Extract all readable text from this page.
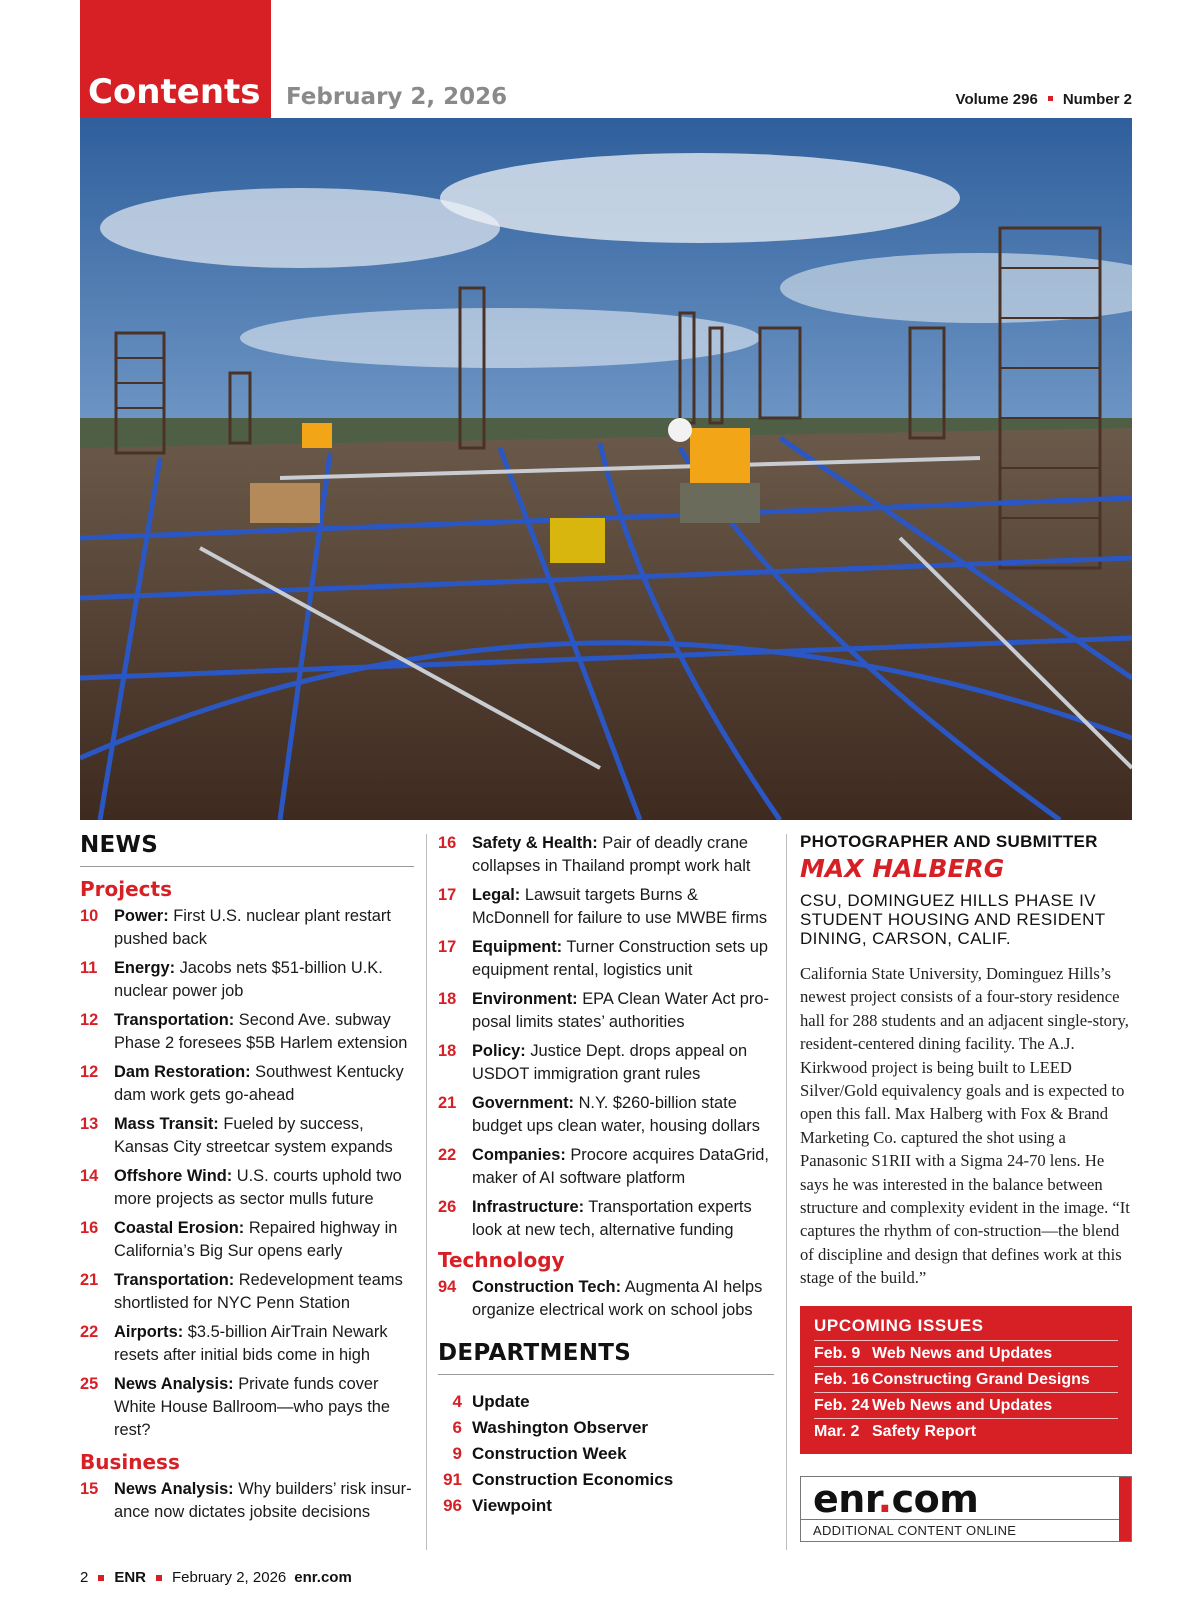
Contents February 2, 2026	Volume 296 Number 2
NEWS
Projects
10 Power: First U.S. nuclear plant restart pushed back
11	Energy: Jacobs nets $51-billion U.K. nuclear power job
12 Transportation: Second Ave. subway Phase 2 foresees $5B Harlem extension
12 Dam Restoration: Southwest Kentucky dam work gets go-ahead
13 Mass Transit: Fueled by success, Kansas City streetcar system expands
14 Offshore Wind: U.S. courts uphold two more projects as sector mulls future
16 Coastal Erosion: Repaired highway in California’s Big Sur opens early
21 Transportation: Redevelopment teams shortlisted for NYC Penn Station
22 Airports: $3.5-billion AirTrain Newark resets after initial bids come in high
25 News Analysis: Private funds cover White House Ballroom—who pays the rest?
Business
15 News Analysis: Why builders’ risk insur-ance now dictates jobsite decisions
16 Safety & Health: Pair of deadly crane collapses in Thailand prompt work halt
17 Legal: Lawsuit targets Burns & McDonnell for failure to use MWBE firms
17 Equipment: Turner Construction sets up equipment rental, logistics unit
18 Environment: EPA Clean Water Act pro-posal limits states’ authorities
18 Policy: Justice Dept. drops appeal on USDOT immigration grant rules
21 Government: N.Y. $260-billion state budget ups clean water, housing dollars
22 Companies: Procore acquires DataGrid, maker of AI software platform
26 Infrastructure: Transportation experts look at new tech, alternative funding
Technology
94 Construction Tech: Augmenta AI helps organize electrical work on school jobs
DEPARTMENTS
4 Update
6 Washington Observer
9 Construction Week
91 Construction Economics
96 Viewpoint
PHOTOGRAPHER AND SUBMITTER
MAX HALBERG
CSU, DOMINGUEZ HILLS PHASE IV STUDENT HOUSING AND RESIDENT DINING, CARSON, CALIF.
California State University, Dominguez Hills’s newest project consists of a four-story residence hall for 288 students and an adjacent single-story, resident-centered dining facility. The A.J. Kirkwood project is being built to LEED Silver/Gold equivalency goals and is expected to open this fall. Max Halberg with Fox & Brand Marketing Co. captured the shot using a Panasonic S1RII with a Sigma 24-70 lens. He says he was interested in the balance between structure and complexity evident in the image. “It captures the rhythm of con-struction—the blend of discipline and design that defines work at this stage of the build.”
UPCOMING ISSUES
Feb. 9 Web News and Updates
Feb. 16 Constructing Grand Designs
Feb. 24 Web News and Updates
Mar. 2 Safety Report
enr.com
ADDITIONAL CONTENT ONLINE
2 ENR February 2, 2026 enr.com
